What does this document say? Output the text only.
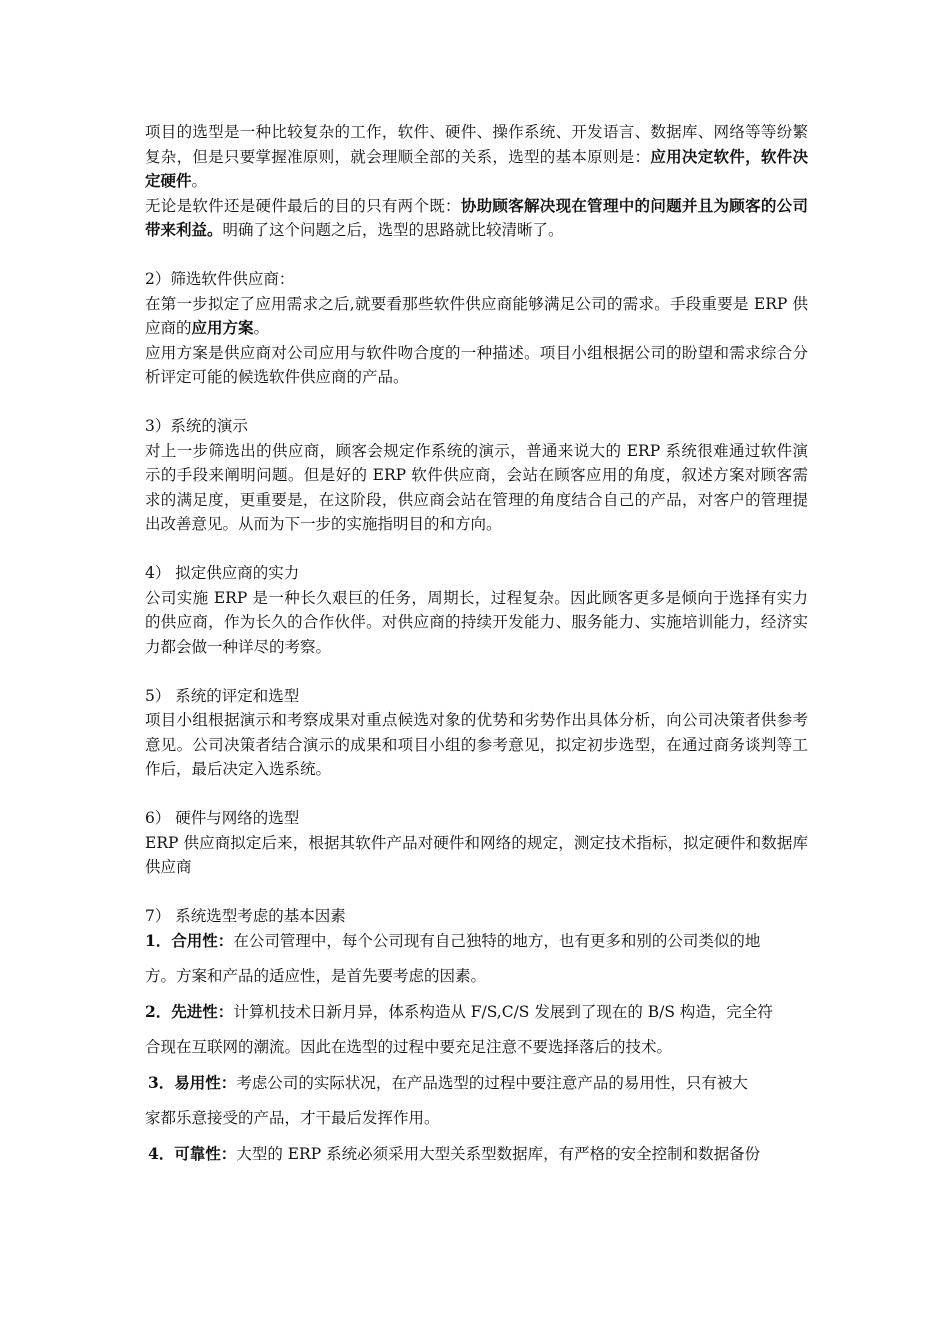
项目的选型是一种比较复杂的工作，软件、硬件、操作系统、开发语言、数据库、网络等等纷繁复杂，但是只要掌握准原则，就会理顺全部的关系，选型的基本原则是：应用决定软件，软件决定硬件。

无论是软件还是硬件最后的目的只有两个既：协助顾客解决现在管理中的问题并且为顾客的公司带来利益。明确了这个问题之后，选型的思路就比较清晰了。

2）筛选软件供应商：

在第一步拟定了应用需求之后,就要看那些软件供应商能够满足公司的需求。手段重要是 ERP 供应商的应用方案。

应用方案是供应商对公司应用与软件吻合度的一种描述。项目小组根据公司的盼望和需求综合分析评定可能的候选软件供应商的产品。

3）系统的演示

对上一步筛选出的供应商，顾客会规定作系统的演示，普通来说大的 ERP 系统很难通过软件演示的手段来阐明问题。但是好的 ERP 软件供应商，会站在顾客应用的角度，叙述方案对顾客需求的满足度，更重要是，在这阶段，供应商会站在管理的角度结合自己的产品，对客户的管理提出改善意见。从而为下一步的实施指明目的和方向。

4） 拟定供应商的实力

公司实施 ERP 是一种长久艰巨的任务，周期长，过程复杂。因此顾客更多是倾向于选择有实力的供应商，作为长久的合作伙伴。对供应商的持续开发能力、服务能力、实施培训能力，经济实力都会做一种详尽的考察。

5） 系统的评定和选型

项目小组根据演示和考察成果对重点候选对象的优势和劣势作出具体分析，向公司决策者供参考意见。公司决策者结合演示的成果和项目小组的参考意见，拟定初步选型，在通过商务谈判等工作后，最后决定入选系统。

6） 硬件与网络的选型

ERP 供应商拟定后来，根据其软件产品对硬件和网络的规定，测定技术指标，拟定硬件和数据库供应商

7） 系统选型考虑的基本因素

1．合用性：在公司管理中，每个公司现有自己独特的地方，也有更多和别的公司类似的地

方。方案和产品的适应性，是首先要考虑的因素。

2．先进性：计算机技术日新月异，体系构造从 F/S,C/S 发展到了现在的 B/S 构造，完全符

合现在互联网的潮流。因此在选型的过程中要充足注意不要选择落后的技术。

3．易用性：考虑公司的实际状况，在产品选型的过程中要注意产品的易用性，只有被大

家都乐意接受的产品，才干最后发挥作用。

4．可靠性：大型的 ERP 系统必须采用大型关系型数据库，有严格的安全控制和数据备份
